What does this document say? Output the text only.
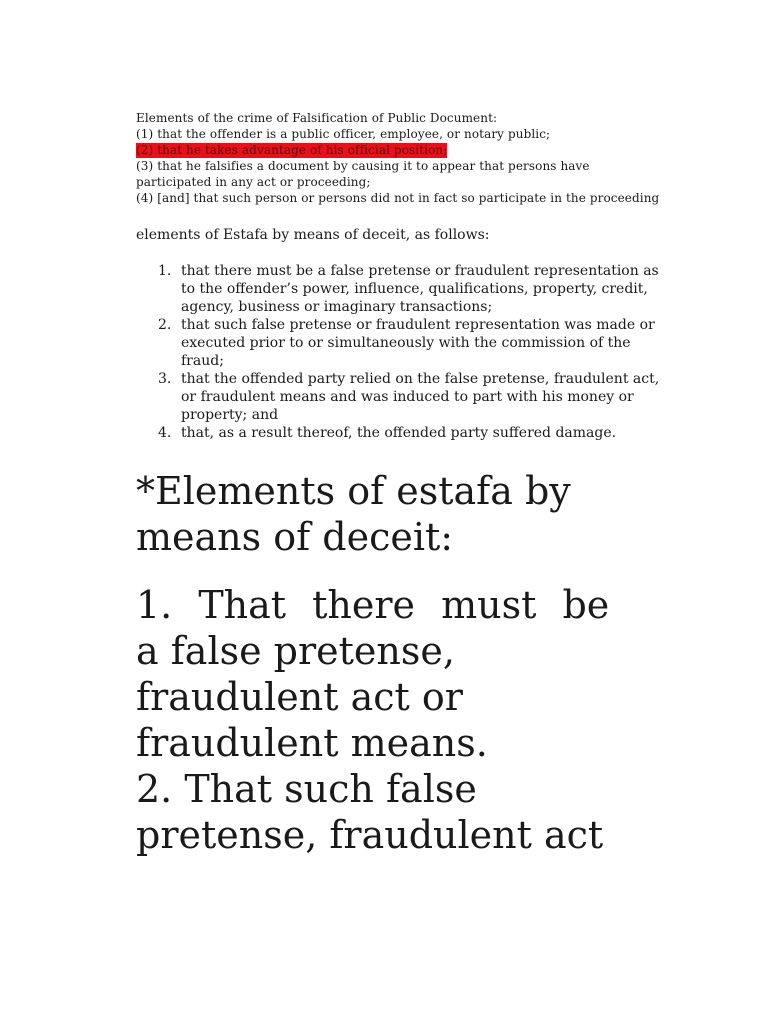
Elements of the crime of Falsification of Public Document:
(1) that the offender is a public officer, employee, or notary public;
(2) that he takes advantage of his official position;
(3) that he falsifies a document by causing it to appear that persons have
participated in any act or proceeding;
(4) [and] that such person or persons did not in fact so participate in the proceeding
elements of Estafa by means of deceit, as follows:
1. that there must be a false pretense or fraudulent representation as
to the offender’s power, influence, qualifications, property, credit,
agency, business or imaginary transactions;
2. that such false pretense or fraudulent representation was made or
executed prior to or simultaneously with the commission of the
fraud;
3. that the offended party relied on the false pretense, fraudulent act,
or fraudulent means and was induced to part with his money or
property; and
4. that, as a result thereof, the offended party suffered damage.
*Elements of estafa by
means of deceit:
1. That there must be
a false pretense,
fraudulent act or
fraudulent means.
2. That such false
pretense, fraudulent act
